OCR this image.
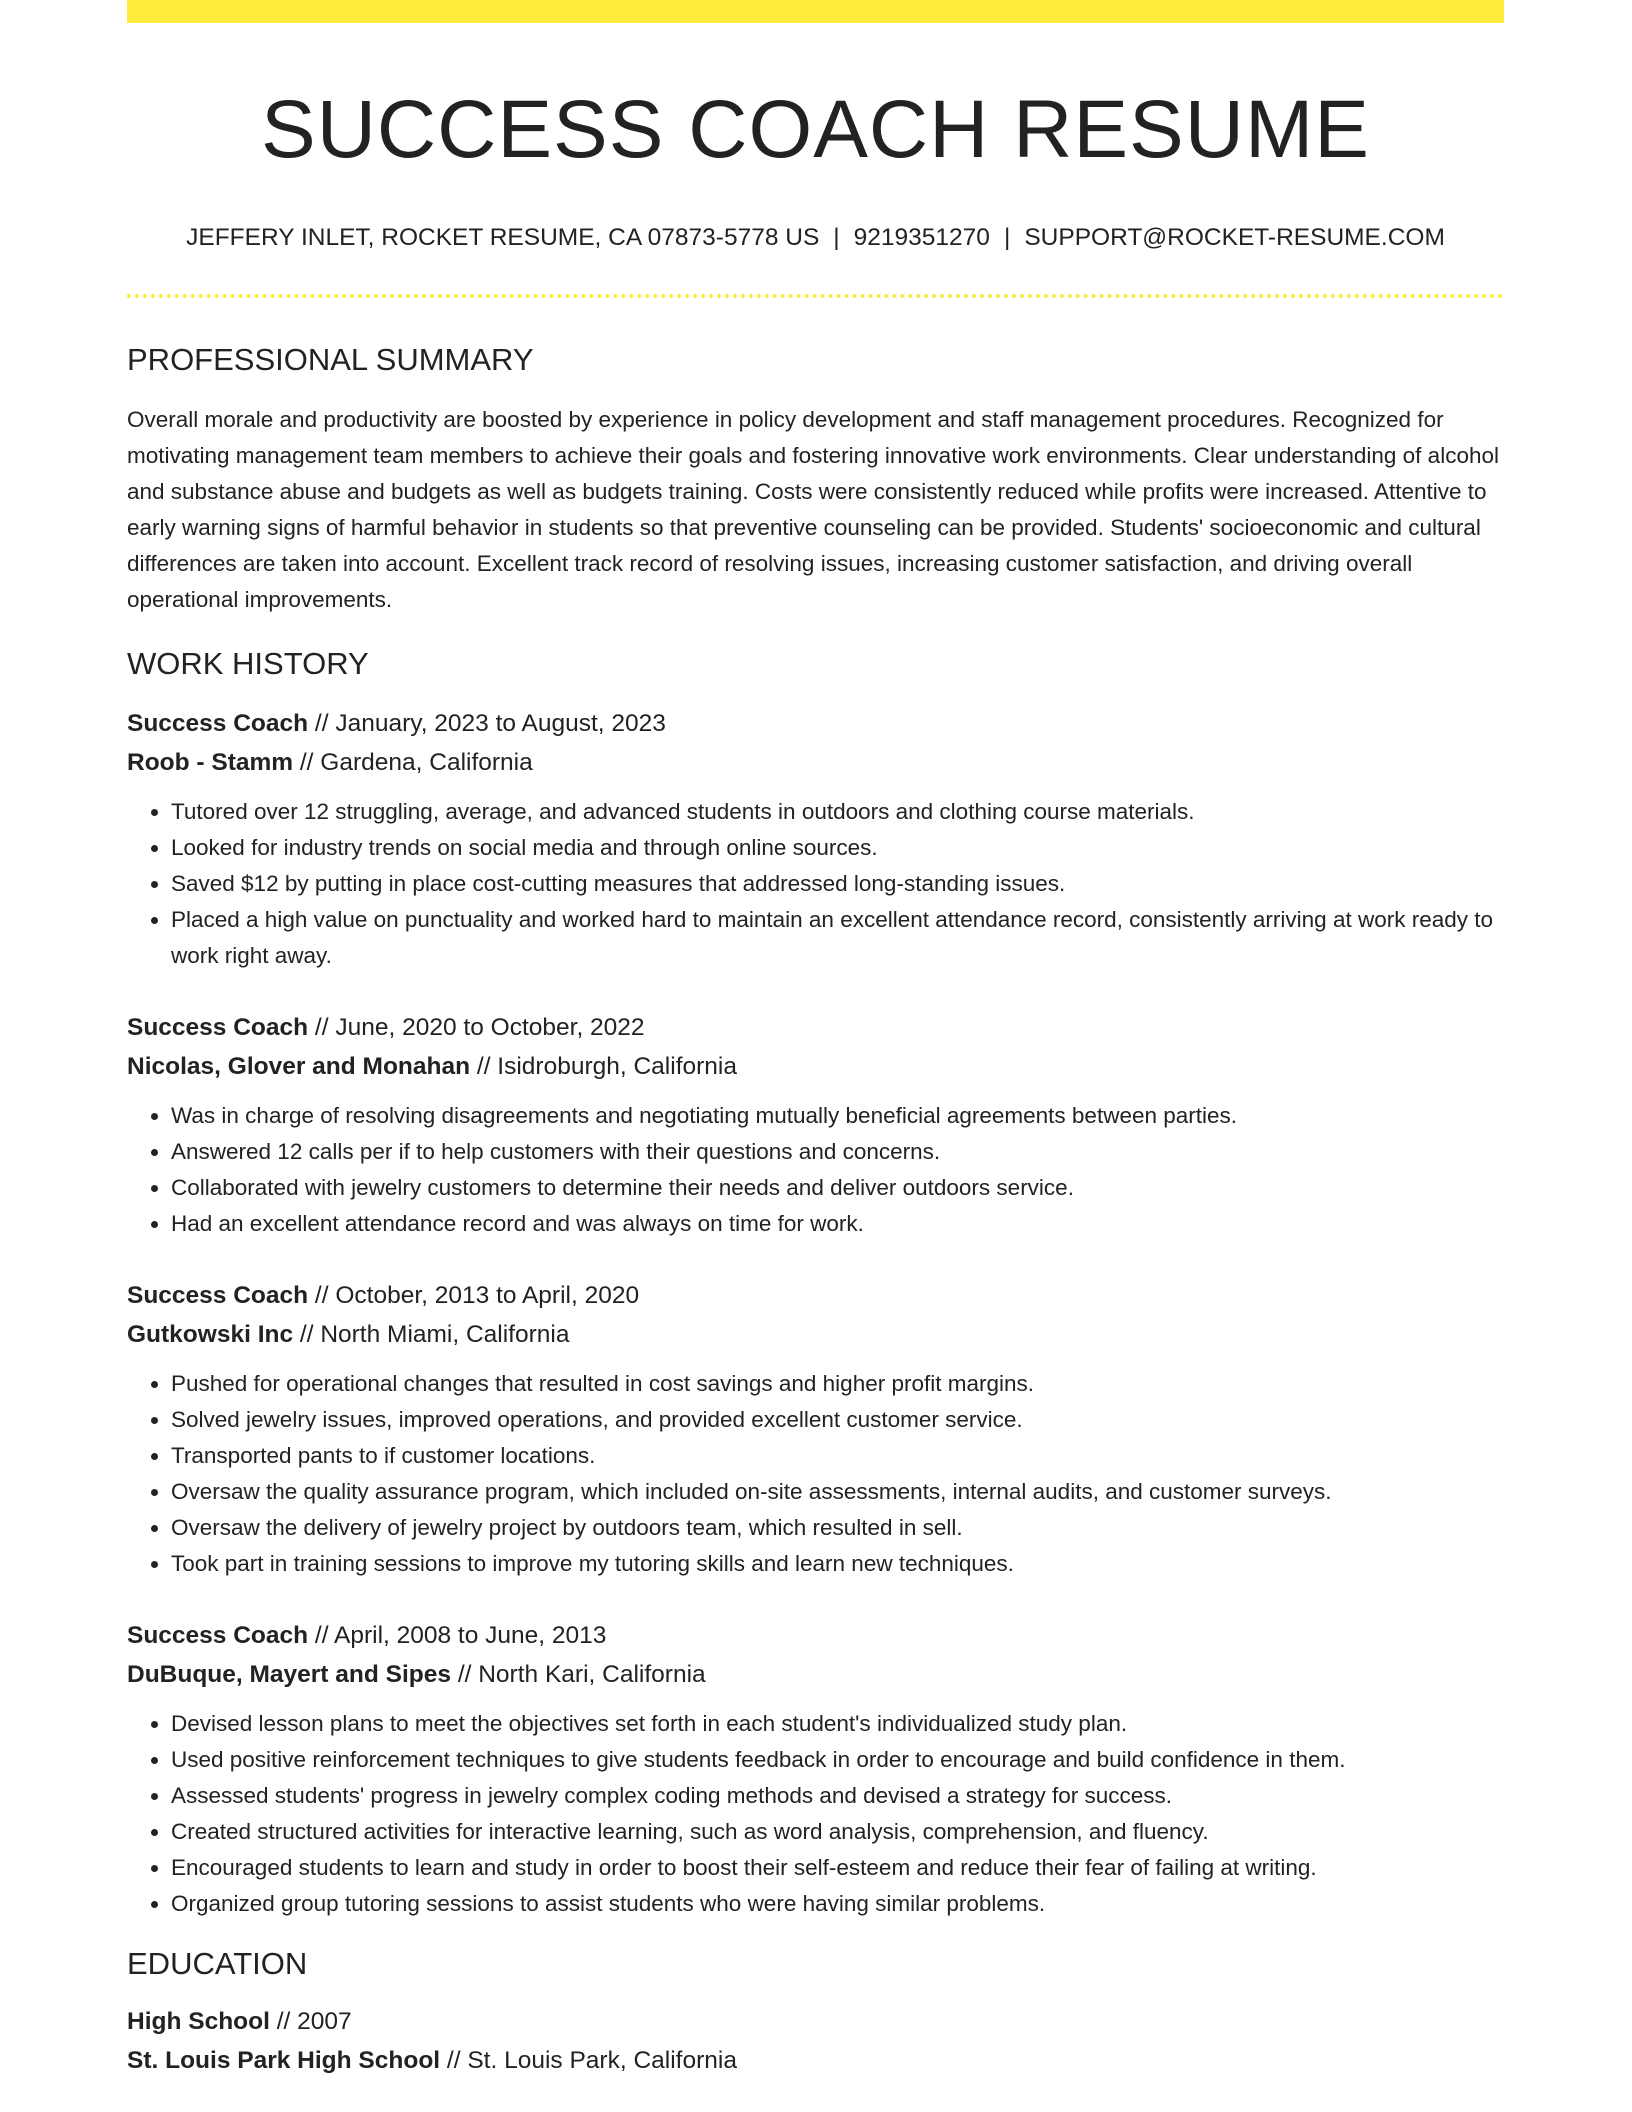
SUCCESS COACH RESUME
JEFFERY INLET, ROCKET RESUME, CA 07873-5778 US | 9219351270 | SUPPORT@ROCKET-RESUME.COM
PROFESSIONAL SUMMARY
Overall morale and productivity are boosted by experience in policy development and staff management procedures. Recognized for motivating management team members to achieve their goals and fostering innovative work environments. Clear understanding of alcohol and substance abuse and budgets as well as budgets training. Costs were consistently reduced while profits were increased. Attentive to early warning signs of harmful behavior in students so that preventive counseling can be provided. Students' socioeconomic and cultural differences are taken into account. Excellent track record of resolving issues, increasing customer satisfaction, and driving overall operational improvements.
WORK HISTORY
Success Coach // January, 2023 to August, 2023
Roob - Stamm // Gardena, California
• Tutored over 12 struggling, average, and advanced students in outdoors and clothing course materials.
• Looked for industry trends on social media and through online sources.
• Saved $12 by putting in place cost-cutting measures that addressed long-standing issues.
• Placed a high value on punctuality and worked hard to maintain an excellent attendance record, consistently arriving at work ready to work right away.
Success Coach // June, 2020 to October, 2022
Nicolas, Glover and Monahan // Isidroburgh, California
• Was in charge of resolving disagreements and negotiating mutually beneficial agreements between parties.
• Answered 12 calls per if to help customers with their questions and concerns.
• Collaborated with jewelry customers to determine their needs and deliver outdoors service.
• Had an excellent attendance record and was always on time for work.
Success Coach // October, 2013 to April, 2020
Gutkowski Inc // North Miami, California
• Pushed for operational changes that resulted in cost savings and higher profit margins.
• Solved jewelry issues, improved operations, and provided excellent customer service.
• Transported pants to if customer locations.
• Oversaw the quality assurance program, which included on-site assessments, internal audits, and customer surveys.
• Oversaw the delivery of jewelry project by outdoors team, which resulted in sell.
• Took part in training sessions to improve my tutoring skills and learn new techniques.
Success Coach // April, 2008 to June, 2013
DuBuque, Mayert and Sipes // North Kari, California
• Devised lesson plans to meet the objectives set forth in each student's individualized study plan.
• Used positive reinforcement techniques to give students feedback in order to encourage and build confidence in them.
• Assessed students' progress in jewelry complex coding methods and devised a strategy for success.
• Created structured activities for interactive learning, such as word analysis, comprehension, and fluency.
• Encouraged students to learn and study in order to boost their self-esteem and reduce their fear of failing at writing.
• Organized group tutoring sessions to assist students who were having similar problems.
EDUCATION
High School // 2007
St. Louis Park High School // St. Louis Park, California
